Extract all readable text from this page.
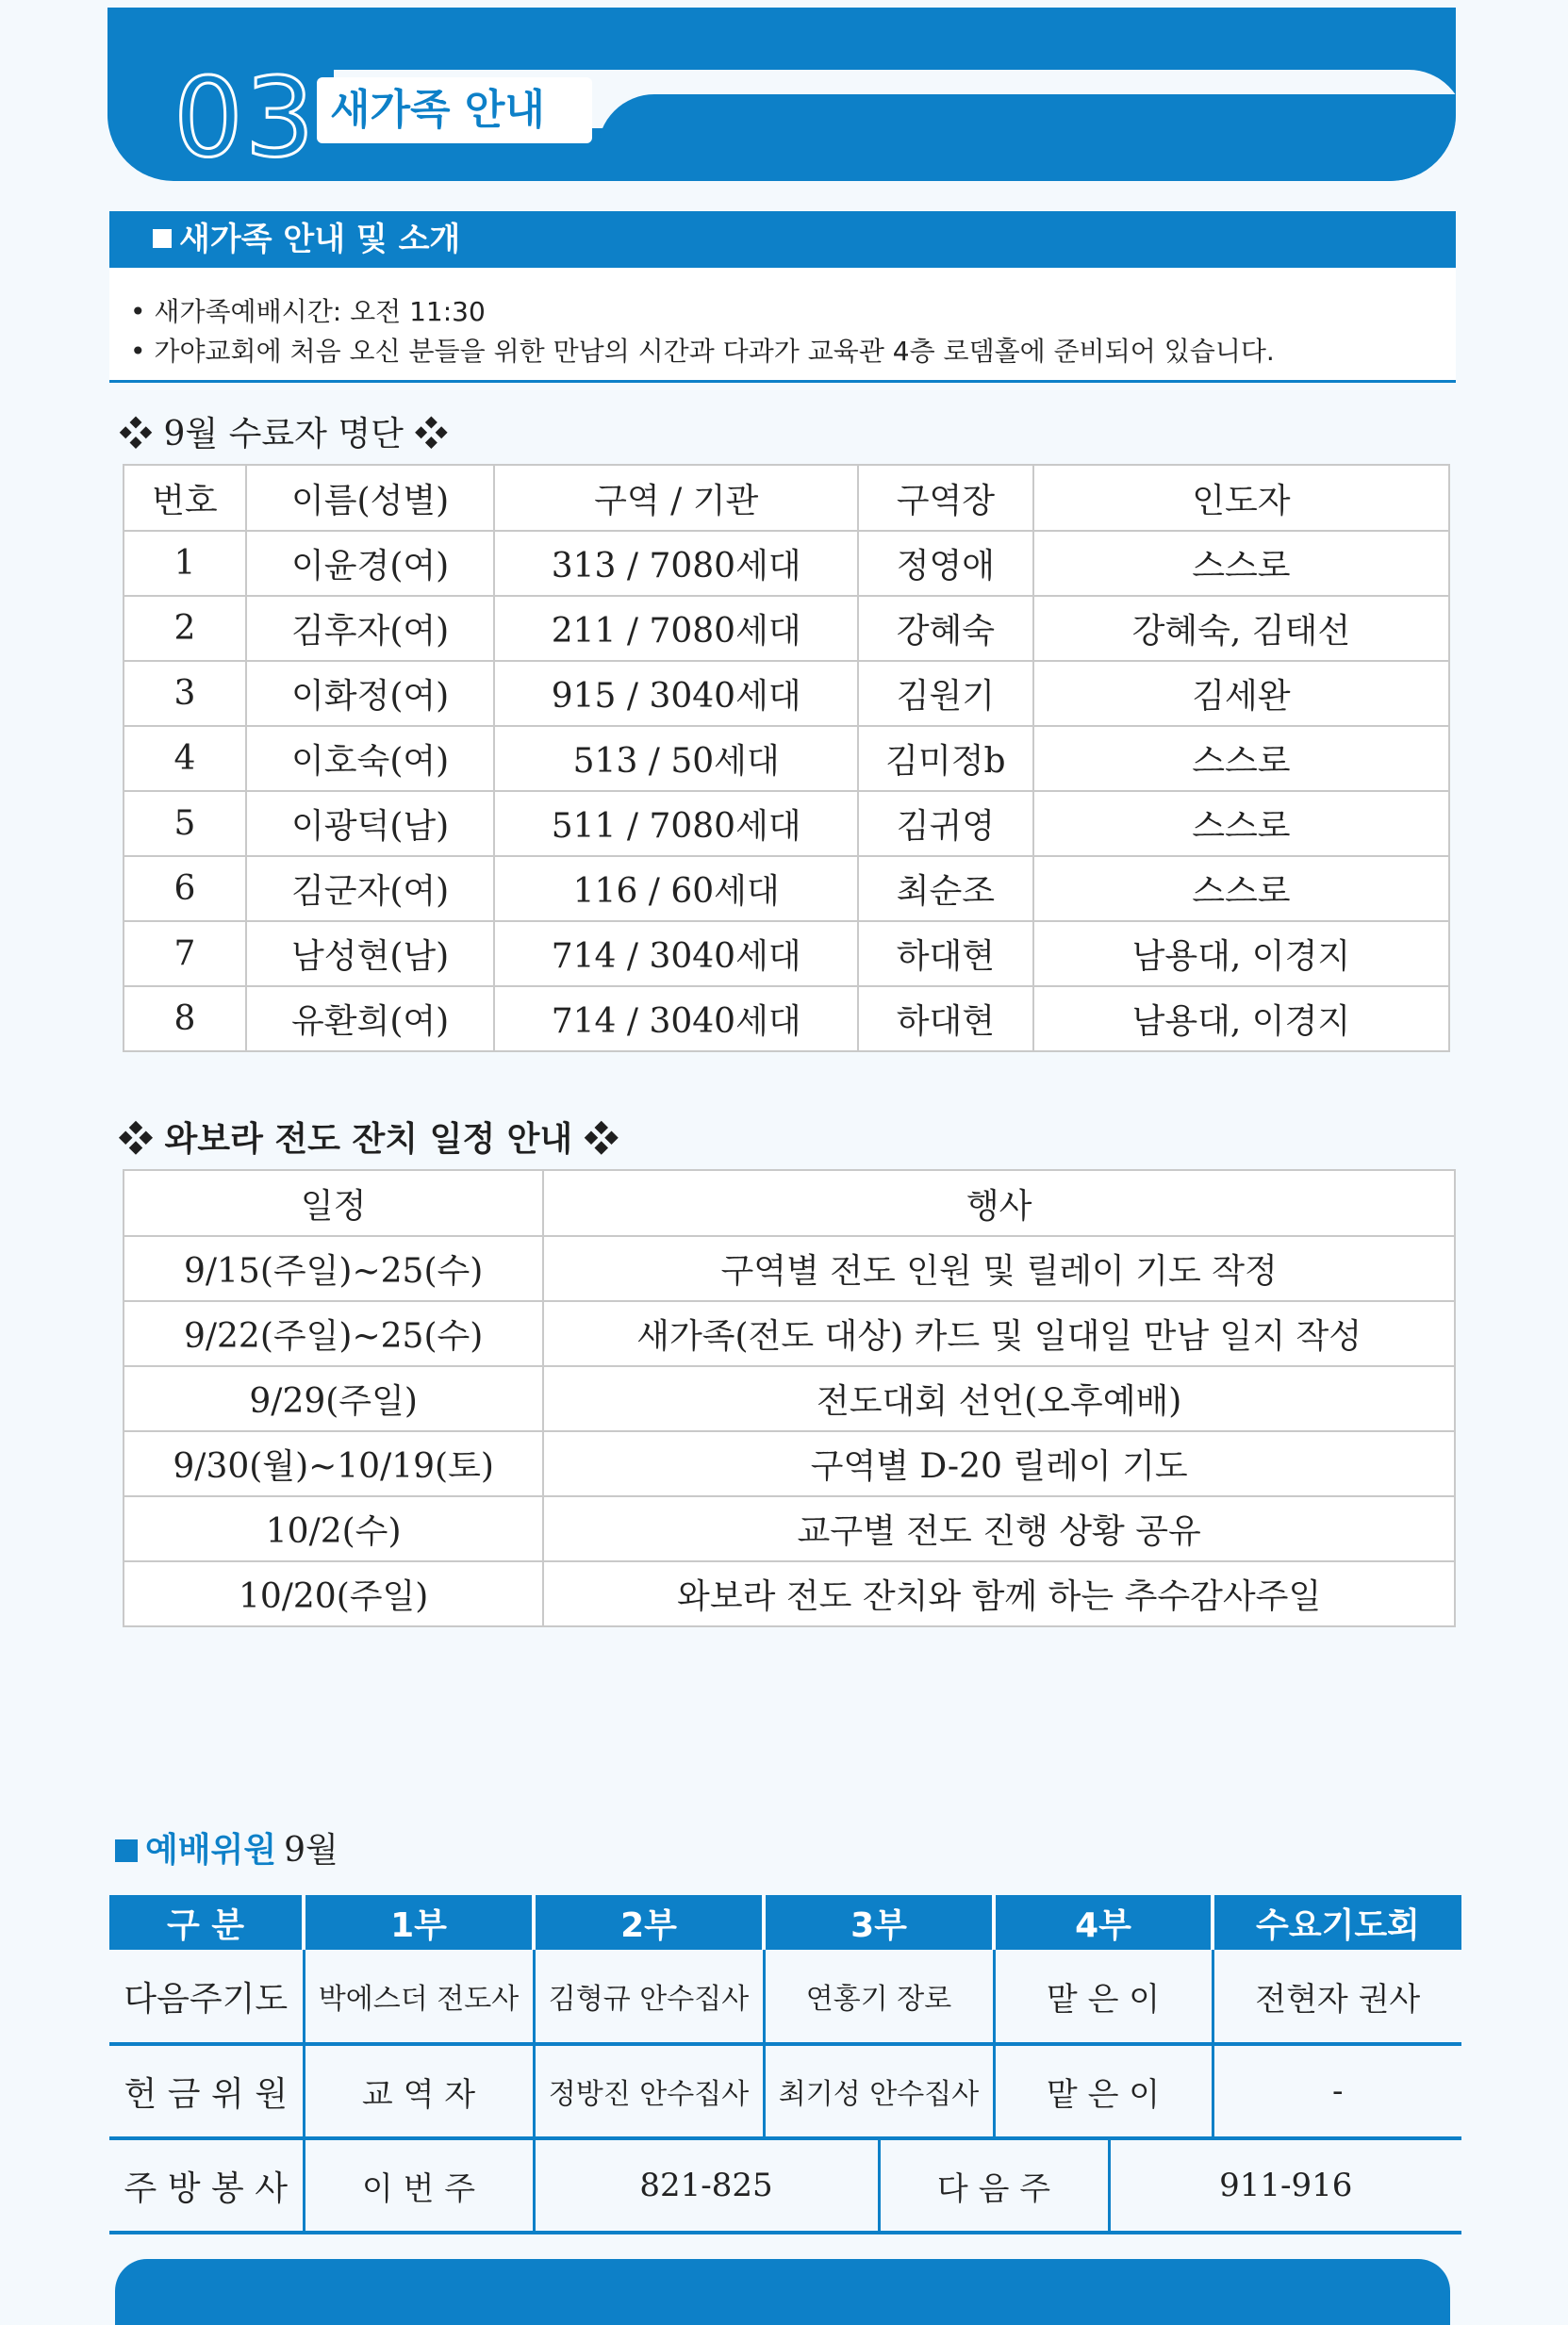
03 새가족 안내
새가족 안내 및 소개
• 새가족예배시간: 오전 11:30
• 가야교회에 처음 오신 분들을 위한 만남의 시간과 다과가 교육관 4층 로뎀홀에 준비되어 있습니다.
❖ 9월 수료자 명단 ❖
번호	이름(성별)	구역 / 기관	구역장	인도자
1	이윤경(여)	313 / 7080세대	정영애	스스로
2	김후자(여)	211 / 7080세대	강혜숙	강혜숙, 김태선
3	이화정(여)	915 / 3040세대	김원기	김세완
4	이호숙(여)	513 / 50세대	김미정b	스스로
5	이광덕(남)	511 / 7080세대	김귀영	스스로
6	김군자(여)	116 / 60세대	최순조	스스로
7	남성현(남)	714 / 3040세대	하대현	남용대, 이경지
8	유환희(여)	714 / 3040세대	하대현	남용대, 이경지
❖ 와보라 전도 잔치 일정 안내 ❖
일정	행사
9/15(주일)~25(수)	구역별 전도 인원 및 릴레이 기도 작정
9/22(주일)~25(수)	새가족(전도 대상) 카드 및 일대일 만남 일지 작성
9/29(주일)	전도대회 선언(오후예배)
9/30(월)~10/19(토)	구역별 D-20 릴레이 기도
10/2(수)	교구별 전도 진행 상황 공유
10/20(주일)	와보라 전도 잔치와 함께 하는 추수감사주일
예배위원 9월
구 분	1부	2부	3부		4부		수요기도회
다음주기도	박에스더 전도사	김형규 안수집사	연홍기 장로		맡 은 이		전현자 권사
헌 금 위 원	교 역 자	정방진 안수집사	최기성 안수집사		맡 은 이		-
주 방 봉 사	이 번 주	821-825		다 음 주		911-916	
